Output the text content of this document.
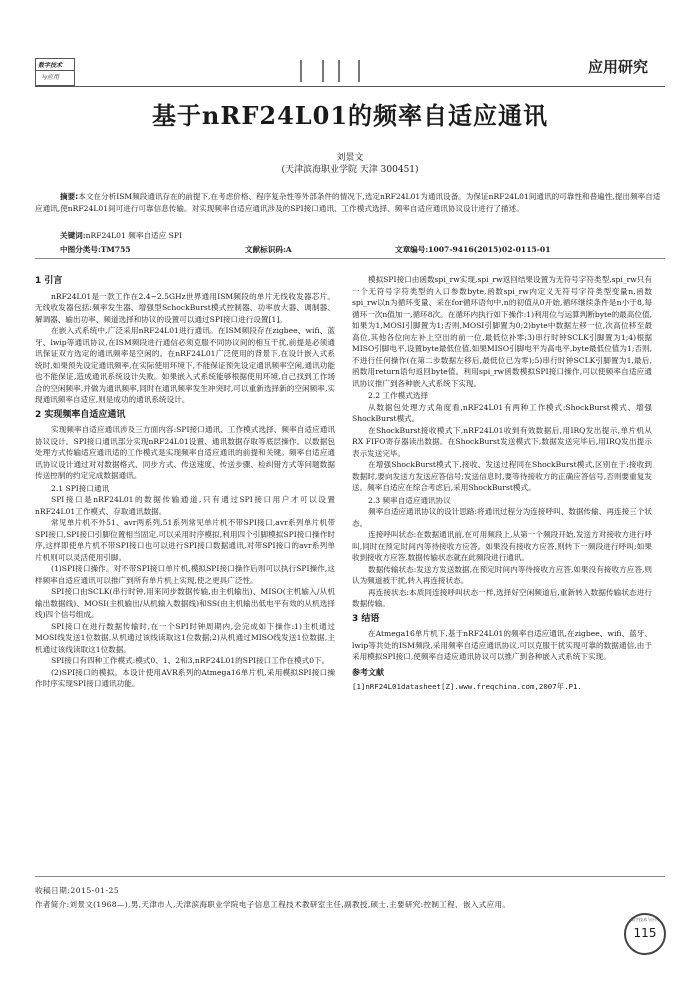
数字技术
与应用
应用研究
基于nRF24L01的频率自适应通讯
刘景文
(天津滨海职业学院 天津 300451)
摘要:本文在分析ISM频段通讯存在的前提下,在考虑价格、程序复杂性等外部条件的情况下,选定nRF24L01为通讯设备。为保证nRF24L01间通讯的可靠性和普遍性,提出频率自适应通讯,使nRF24L01间可进行可靠信息传输。对实现频率自适应通讯涉及的SPI接口通讯、工作模式选择、频率自适应通讯协议设计进行了描述。
关键词:nRF24L01 频率自适应 SPI
中图分类号:TM755	文献标识码:A	文章编号:1007-9416(2015)02-0115-01
1 引言

nRF24L01是一款工作在2.4~2.5GHz世界通用ISM频段的单片无线收发器芯片。无线收发器包括:频率发生器、增强型SchockBurst模式控制器、功率放大器、调制器、解调器、输出功率、频道选择和协议的设置可以通过SPI接口进行设置[1]。

在嵌入式系统中,广泛采用nRF24L01进行通讯。在ISM频段存在zigbee、wifi、蓝牙、lwip等通讯协议,在ISM频段进行通信必须克服不同协议间的相互干扰,前提是必须通讯保证双方选定的通讯频率是空闲的。在nRF24L01广泛使用的背景下,在设计嵌入式系统时,如果预先设定通讯频率,在实际使用环境下,不能保证预先设定通讯频率空闲,通讯功能也不能保证,造成通讯系统设计失败。如果嵌入式系统能够根据使用环境,自己找到工作场合的空闲频率,并做为通讯频率,同时在通讯频率发生冲突时,可以重新选择新的空闲频率,实现通讯频率自适应,则是成功的通讯系统设计。

2 实现频率自适应通讯

实现频率自适应通讯涉及三方面内容:SPI接口通讯、工作模式选择、频率自适应通讯协议设计。SPI接口通讯部分实现nRF24L01设置、通讯数据存取等底层操作。以数据包处理方式传输适应通讯适的工作模式是实现频率自适应通讯的前提和关键。频率自适应通讯协议设计通过对对数据格式、同步方式、传送速度、传送步骤、检纠错方式等问题数据传送控制的约定完成数据通讯。

2.1 SPI接口通讯

SPI接口是nRF24L01的数据传输通道,只有通过SPI接口用户才可以设置nRF24L01工作模式、存取通讯数据。

常见单片机不外51、avr两系列,51系列常见单片机不带SPI接口,avr系列单片机带SPI接口,SPI接口引脚位置相当固定,可以采用时序模拟,利用四个引脚模拟SPI接口操作时序,这样即使单片机不带SPI接口也可以进行SPI接口数据通讯,对带SPI接口的avr系列单片机则可以灵活使用引脚。

(1)SPI接口操作。对不带SPI接口单片机,模拟SPI接口操作后则可以执行SPI操作,这样频率自适应通讯可以推广到所有单片机上实现,使之更具广泛性。

SPI接口由SCLK(串行时钟,用来同步数据传输,由主机输出)、MISO(主机输入/从机输出数据线)、MOSI(主机输出/从机输入数据线)和SS(由主机输出低电平有效的从机选择线)四个信号组成。

SPI接口在进行数据传输时,在一个SPI时钟周期内,会完成如下操作:1)主机通过MOSI线发送1位数据,从机通过该线读取这1位数据;2)从机通过MISO线发送1位数据,主机通过该线读取这1位数据。

SPI接口有四种工作模式:模式0、1、2和3,nRF24L01的SPI接口工作在模式0下。

(2)SPI接口的模拟。本设计使用AVR系列的Atmega16单片机,采用模拟SPI接口操作时序实现SPI接口通讯功能。

模拟SPI接口由函数spi_rw实现,spi_rw返回结果设置为无符号字符类型,spi_rw只有一个无符号字符类型的入口参数byte,函数spi_rw内定义无符号字符类型变量n,函数spi_rw以n为循环变量、采在for循环语句中,n的初值从0开始,循环继续条件是n小于8,每循环一次n值加一,循环8次。在循环内执行如下操作:1)利用位与运算判断byte的最高位值,如果为1,MOSI引脚置为1;否则,MOSI引脚置为0;2)byte中数据左移一位,次高位移至最高位,其他各位向左补上空出的前一位,最低位补零;3)串行时钟SCLK引脚置为1;4)根据MISO引脚电平,设置byte最低位值,如果MISO引脚电平为高电平,byte最低位值为1;否则,不进行任何操作(在第二步数据左移后,最低位已为零);5)串行时钟SCLK引脚置为1,最后,函数用return语句返回byte值。利用spi_rw函数模拟SPI接口操作,可以使频率自适应通讯协议推广到各种嵌入式系统下实现。

2.2 工作模式选择

从数据包处理方式角度看,nRF24L01有两种工作模式:ShockBurst模式、增强ShockBurst模式。

在ShockBurst接收模式下,nRF24L01收到有效数据后,用IRQ发出提示,单片机从RX FIFO寄存器读出数据。在ShockBurst发送模式下,数据发送完毕后,用IRQ发出提示表示发送完毕。

在增强ShockBurst模式下,接收、发送过程同在ShockBurst模式,区别在于:接收到数据时,要向发送方发送应答信号;发送信息时,要等待接收方的正确应答信号,否则要重复发送。频率自适应在综合考虑后,采用ShockBurst模式。

2.3 频率自适应通讯协议

频率自适应通讯协议的设计思路:将通讯过程分为连接呼叫、数据传输、再连接三个状态。

连接呼叫状态:在数据通讯前,在可用频段上,从第一个频段开始,发送方对接收方进行呼叫,同时在预定时间内等待接收方应答。如果没有接收方应答,则转下一频段进行呼叫;如果收到接收方应答,数据传输状态就在此频段进行通讯。

数据传输状态:发送方发送数据,在预定时间内等待接收方应答,如果没有接收方应答,则认为频道被干扰,转入再连接状态。

再连接状态:本质同连接呼叫状态一样,选择好空闲频道后,重新转入数据传输状态进行数据传输。

3 结语

在Atmega16单片机下,基于nRF24L01的频率自适应通讯,在zigbee、wifi、蓝牙、lwip等共处的ISM频段,采用频率自适应通讯协议,可以克服干扰实现可靠的数据通信,由于采用模拟SPI接口,使频率自适应通讯协议可以推广到各种嵌入式系统下实现。

参考文献
[1]nRF24L01datasheet[Z].www.freqchina.com,2007年.P1.
收稿日期:2015-01-25
作者简介:刘景文(1968—),男,天津市人,天津滨海职业学院电子信息工程技术教研室主任,副教授,硕士,主要研究:控制工程、嵌入式应用。
数字技术与应用
115
